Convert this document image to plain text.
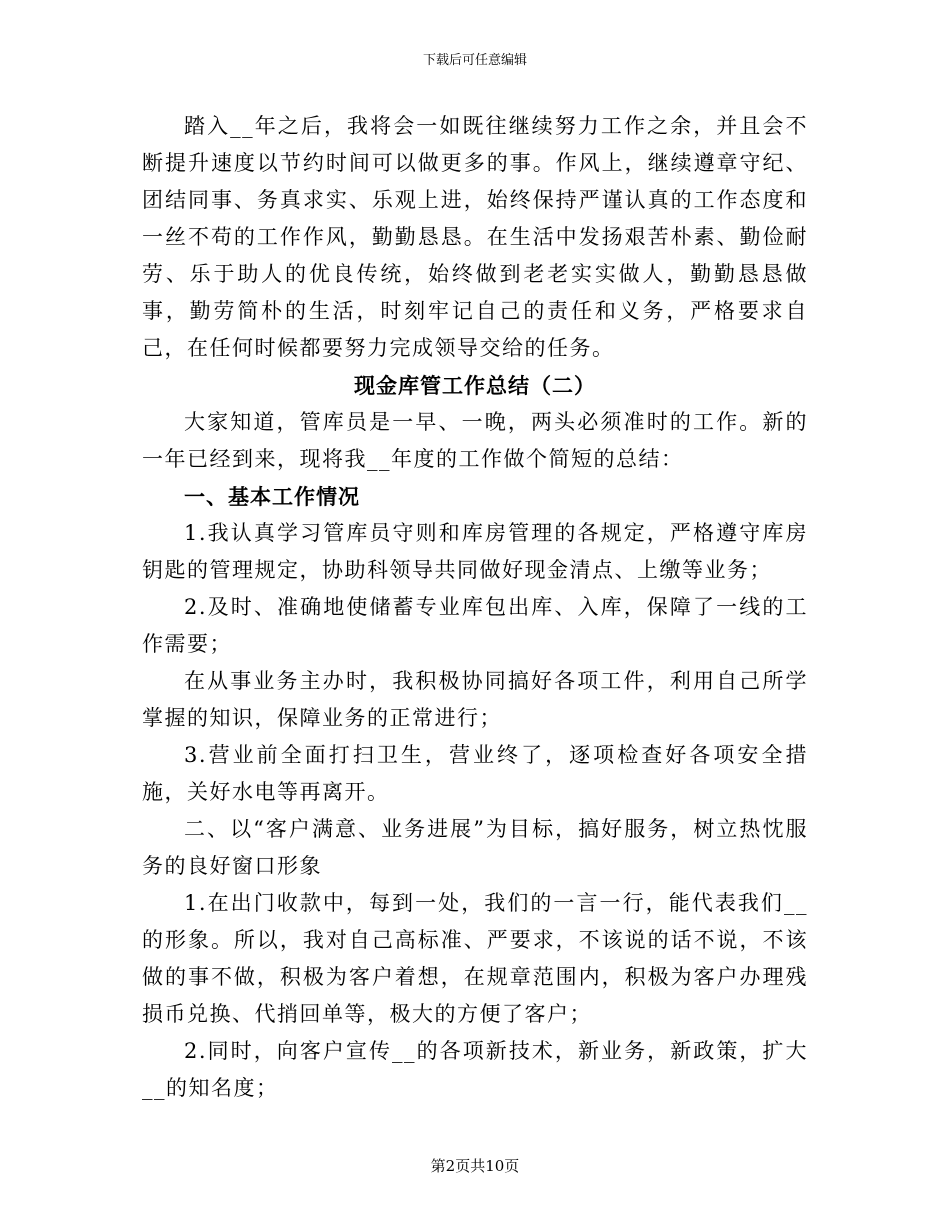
下载后可任意编辑

踏入__年之后，我将会一如既往继续努力工作之余，并且会不断提升速度以节约时间可以做更多的事。作风上，继续遵章守纪、团结同事、务真求实、乐观上进，始终保持严谨认真的工作态度和一丝不苟的工作作风，勤勤恳恳。在生活中发扬艰苦朴素、勤俭耐劳、乐于助人的优良传统，始终做到老老实实做人，勤勤恳恳做事，勤劳简朴的生活，时刻牢记自己的责任和义务，严格要求自己，在任何时候都要努力完成领导交给的任务。

现金库管工作总结（二）

大家知道，管库员是一早、一晚，两头必须准时的工作。新的一年已经到来，现将我__年度的工作做个简短的总结：

一、基本工作情况

1.我认真学习管库员守则和库房管理的各规定，严格遵守库房钥匙的管理规定，协助科领导共同做好现金清点、上缴等业务；

2.及时、准确地使储蓄专业库包出库、入库，保障了一线的工作需要；

在从事业务主办时，我积极协同搞好各项工件，利用自己所学掌握的知识，保障业务的正常进行；

3.营业前全面打扫卫生，营业终了，逐项检查好各项安全措施，关好水电等再离开。

二、以“客户满意、业务进展”为目标，搞好服务，树立热忱服务的良好窗口形象

1.在出门收款中，每到一处，我们的一言一行，能代表我们__的形象。所以，我对自己高标准、严要求，不该说的话不说，不该做的事不做，积极为客户着想，在规章范围内，积极为客户办理残损币兑换、代捎回单等，极大的方便了客户；

2.同时，向客户宣传__的各项新技术，新业务，新政策，扩大__的知名度；

第2页共10页
